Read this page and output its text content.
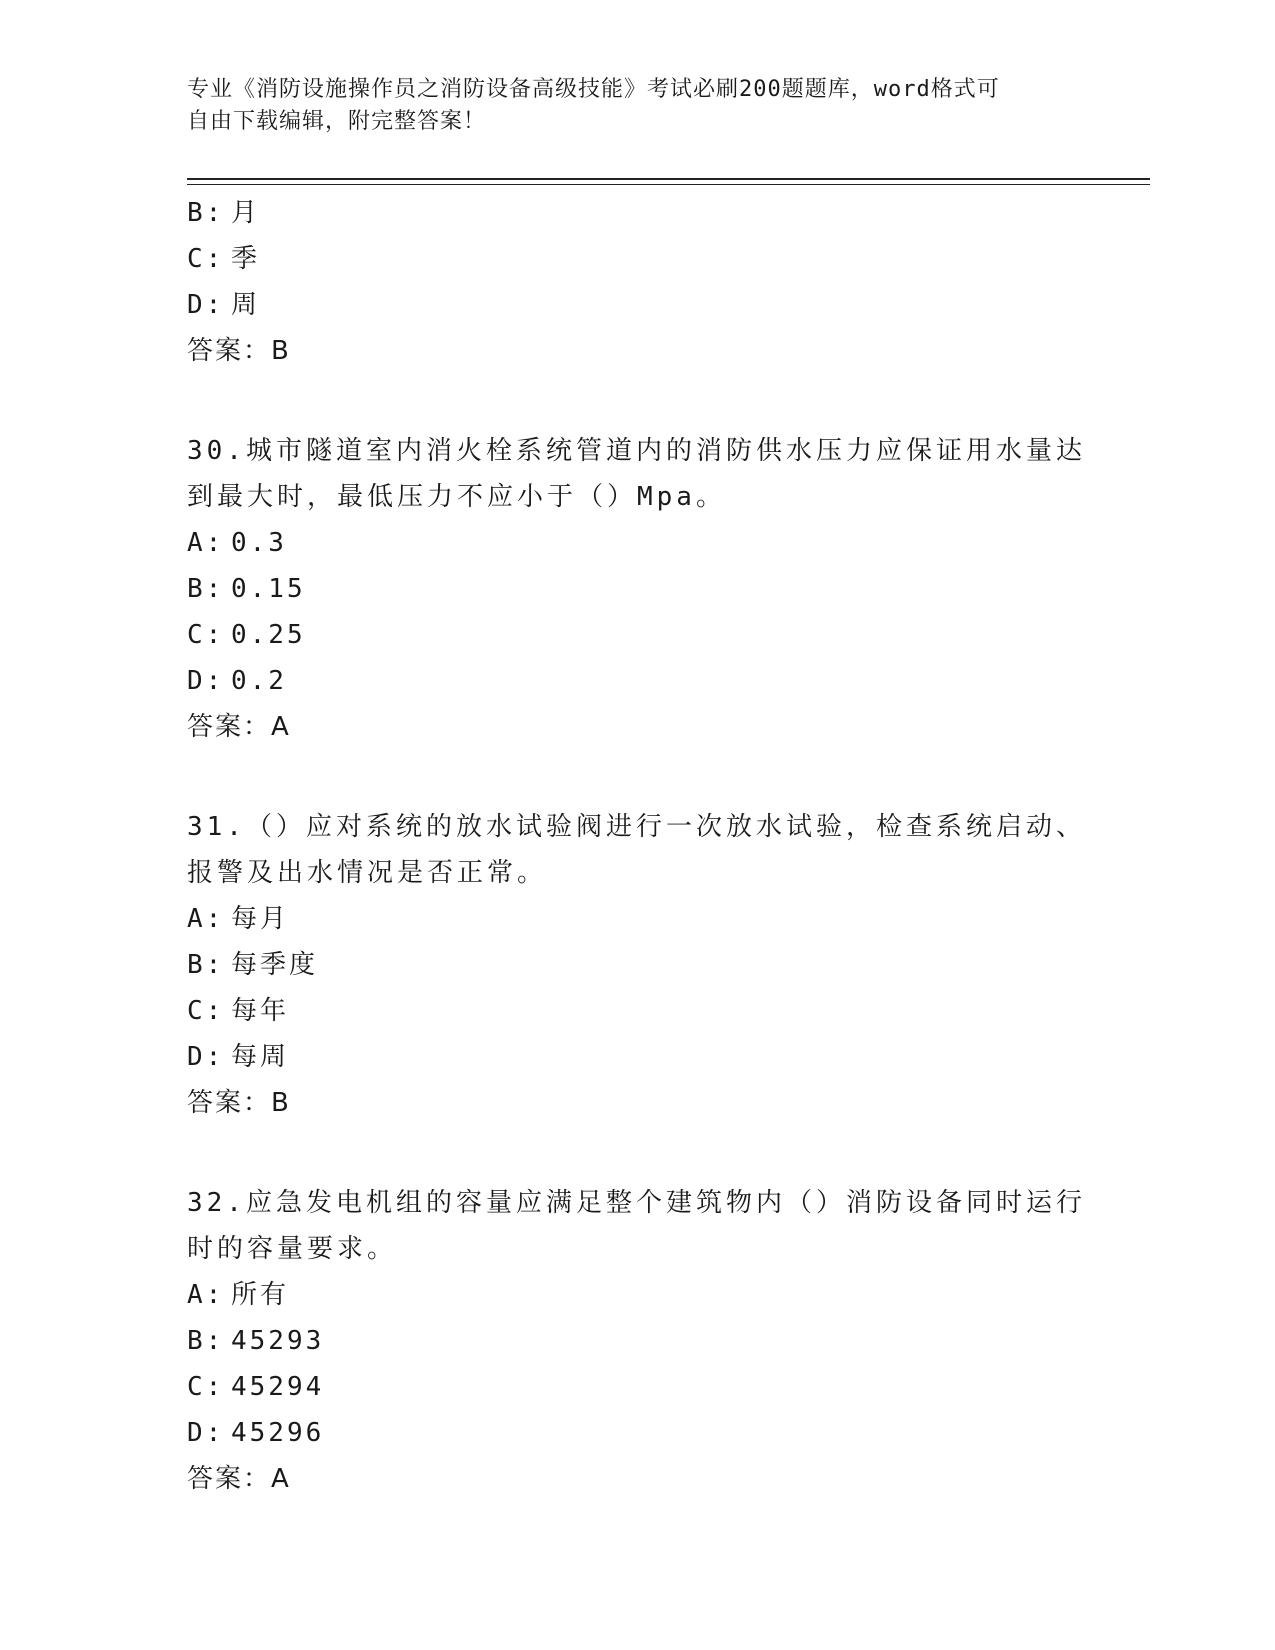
专业《消防设施操作员之消防设备高级技能》考试必刷200题题库，word格式可
自由下载编辑，附完整答案！
B: 月
C: 季
D: 周
答案：B
30.城市隧道室内消火栓系统管道内的消防供水压力应保证用水量达到最大时，最低压力不应小于（）Mpa。
A: 0.3
B: 0.15
C: 0.25
D: 0.2
答案：A
31.（）应对系统的放水试验阀进行一次放水试验，检查系统启动、报警及出水情况是否正常。
A: 每月
B: 每季度
C: 每年
D: 每周
答案：B
32.应急发电机组的容量应满足整个建筑物内（）消防设备同时运行时的容量要求。
A: 所有
B: 45293
C: 45294
D: 45296
答案：A
